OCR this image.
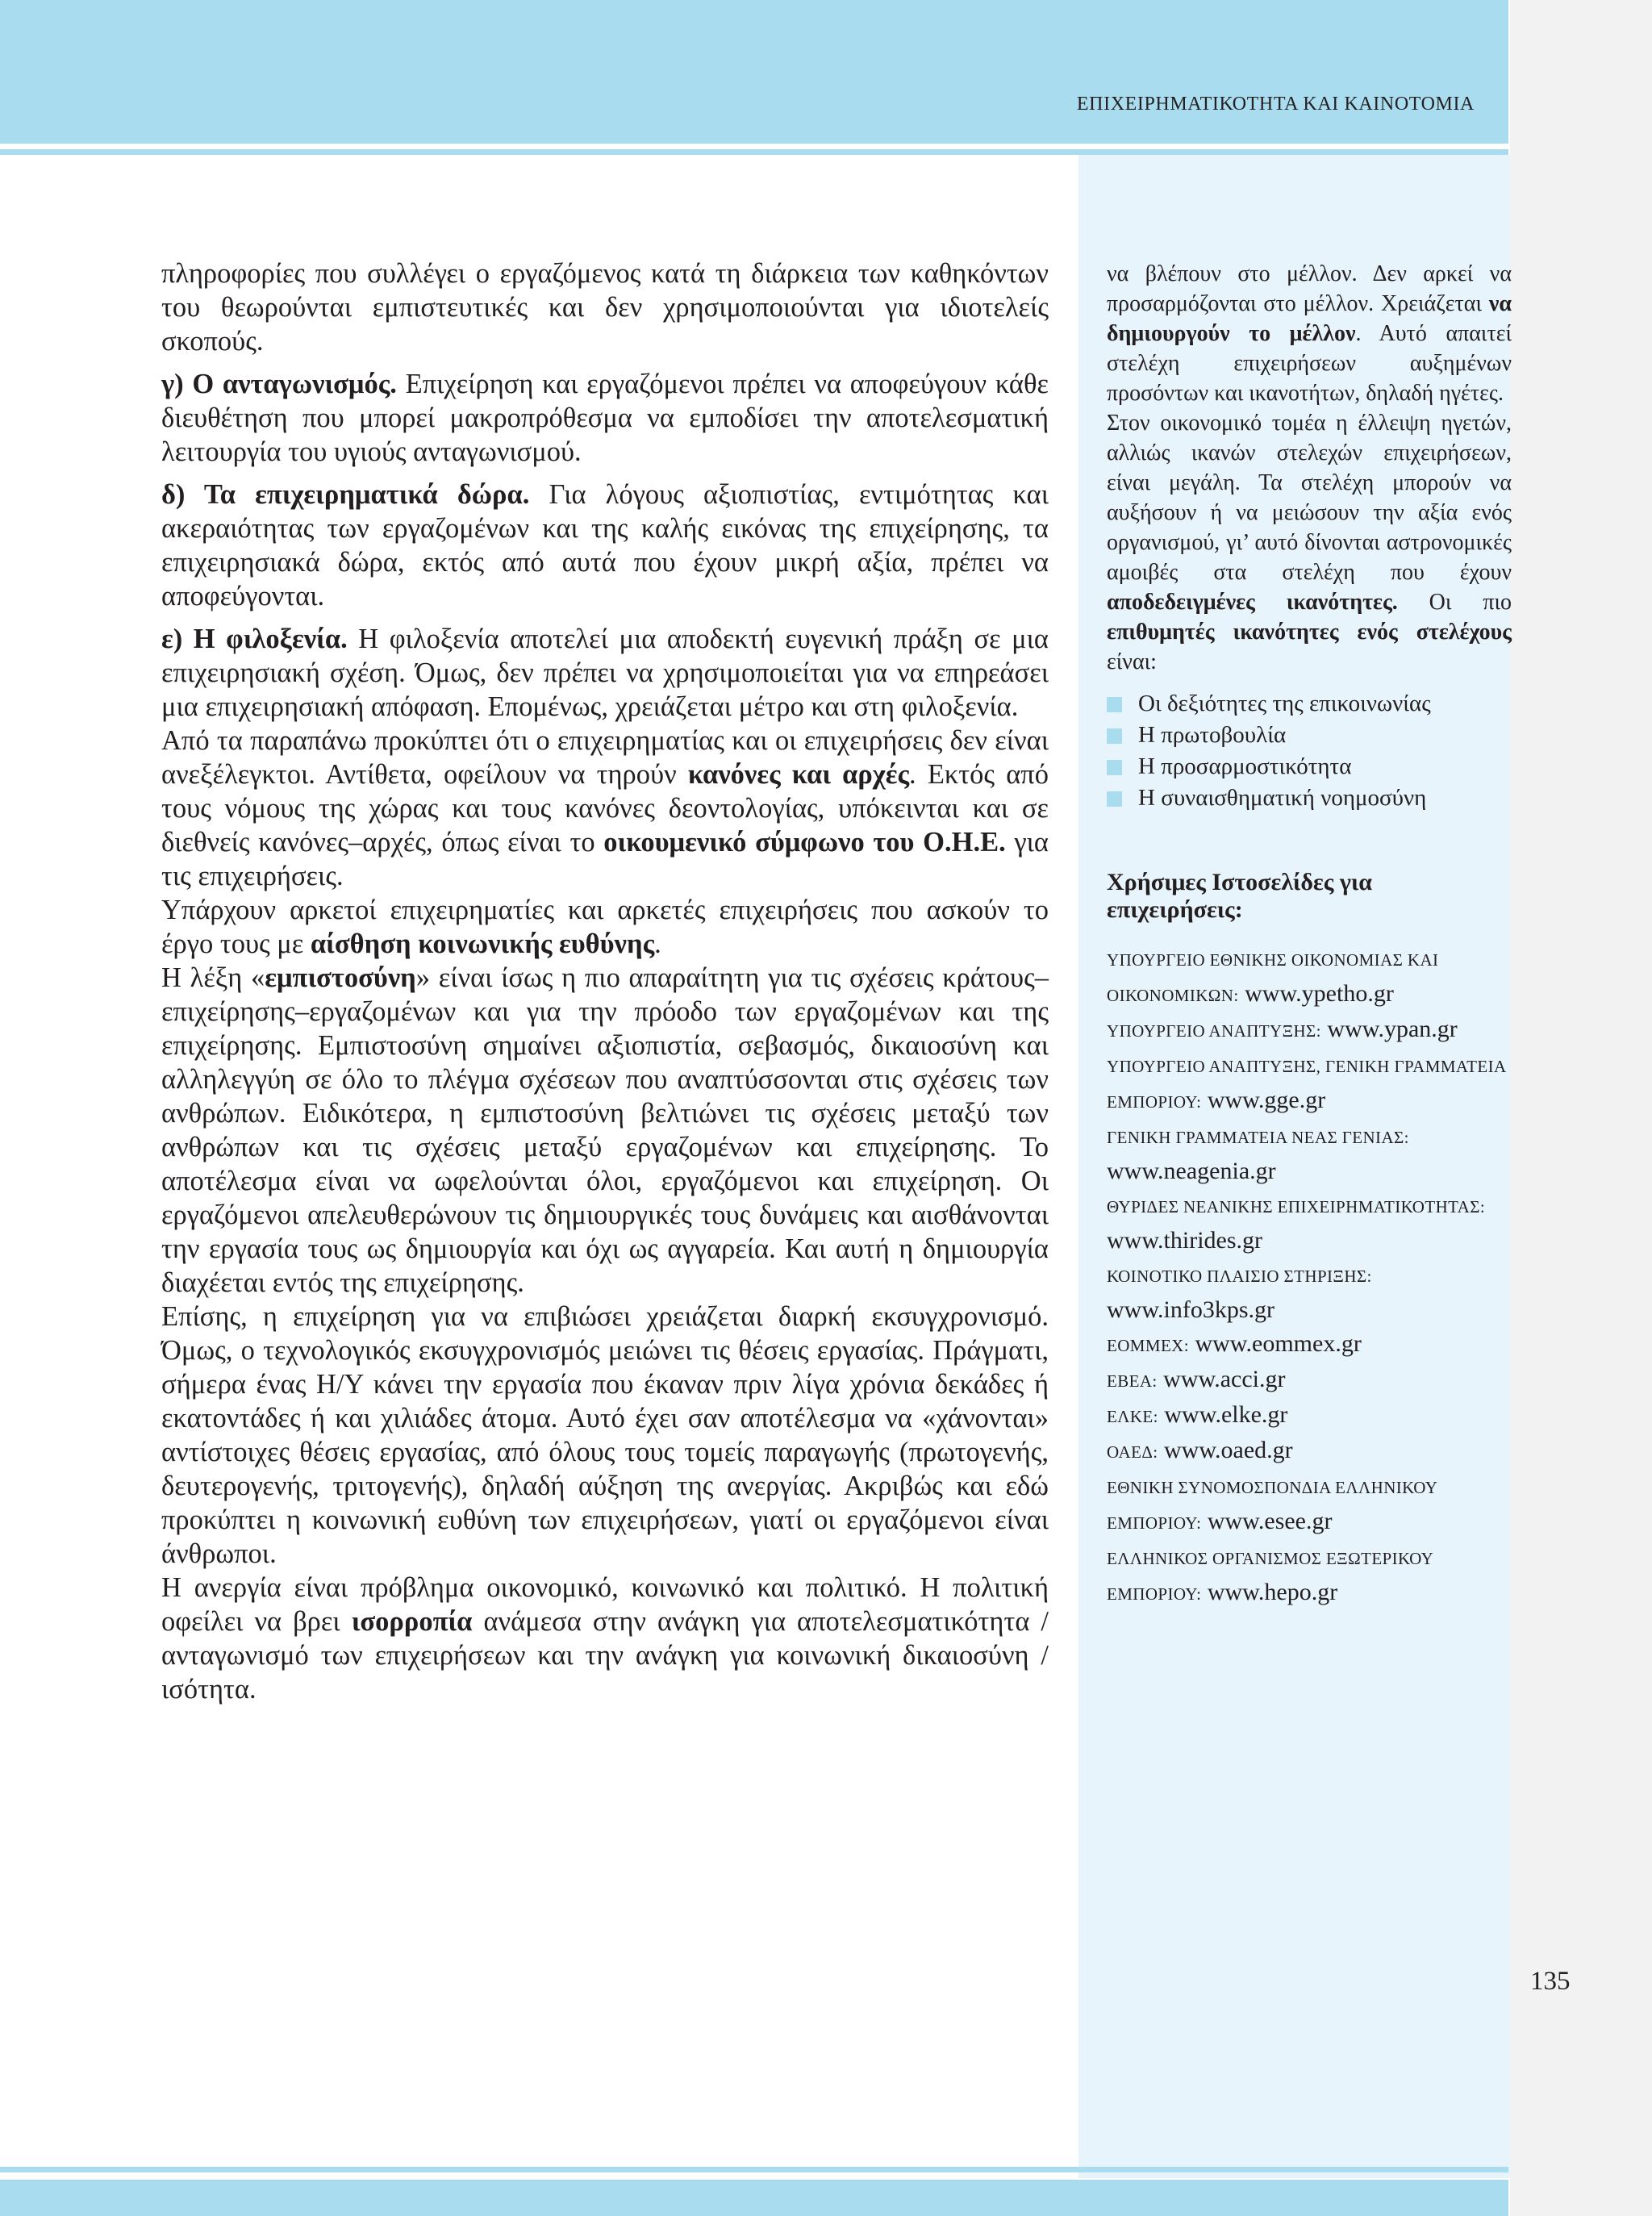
ΕΠΙΧΕΙΡΗΜΑΤΙΚΟΤΗΤΑ ΚΑΙ ΚΑΙΝΟΤΟΜΙΑ
135

πληροφορίες που συλλέγει ο εργαζόμενος κατά τη διάρκεια των καθηκόντων του θεωρούνται εμπιστευτικές και δεν χρησιμοποιούνται για ιδιοτελείς σκοπούς.

γ) Ο ανταγωνισμός. Επιχείρηση και εργαζόμενοι πρέπει να αποφεύγουν κάθε διευθέτηση που μπορεί μακροπρόθεσμα να εμποδίσει την αποτελεσματική λειτουργία του υγιούς ανταγωνισμού.

δ) Τα επιχειρηματικά δώρα. Για λόγους αξιοπιστίας, εντιμότητας και ακεραιότητας των εργαζομένων και της καλής εικόνας της επιχείρησης, τα επιχειρησιακά δώρα, εκτός από αυτά που έχουν μικρή αξία, πρέπει να αποφεύγονται.

ε) Η φιλοξενία. Η φιλοξενία αποτελεί μια αποδεκτή ευγενική πράξη σε μια επιχειρησιακή σχέση. Όμως, δεν πρέπει να χρησιμοποιείται για να επηρεάσει μια επιχειρησιακή απόφαση. Επομένως, χρειάζεται μέτρο και στη φιλοξενία.

Από τα παραπάνω προκύπτει ότι ο επιχειρηματίας και οι επιχειρήσεις δεν είναι ανεξέλεγκτοι. Αντίθετα, οφείλουν να τηρούν κανόνες και αρχές. Εκτός από τους νόμους της χώρας και τους κανόνες δεοντολογίας, υπόκεινται και σε διεθνείς κανόνες–αρχές, όπως είναι το οικουμενικό σύμφωνο του Ο.Η.Ε. για τις επιχειρήσεις.

Υπάρχουν αρκετοί επιχειρηματίες και αρκετές επιχειρήσεις που ασκούν το έργο τους με αίσθηση κοινωνικής ευθύνης.

Η λέξη «εμπιστοσύνη» είναι ίσως η πιο απαραίτητη για τις σχέσεις κράτους–επιχείρησης–εργαζομένων και για την πρόοδο των εργαζομένων και της επιχείρησης. Εμπιστοσύνη σημαίνει αξιοπιστία, σεβασμός, δικαιοσύνη και αλληλεγγύη σε όλο το πλέγμα σχέσεων που αναπτύσσονται στις σχέσεις των ανθρώπων. Ειδικότερα, η εμπιστοσύνη βελτιώνει τις σχέσεις μεταξύ των ανθρώπων και τις σχέσεις μεταξύ εργαζομένων και επιχείρησης. Το αποτέλεσμα είναι να ωφελούνται όλοι, εργαζόμενοι και επιχείρηση. Οι εργαζόμενοι απελευθερώνουν τις δημιουργικές τους δυνάμεις και αισθάνονται την εργασία τους ως δημιουργία και όχι ως αγγαρεία. Και αυτή η δημιουργία διαχέεται εντός της επιχείρησης.

Επίσης, η επιχείρηση για να επιβιώσει χρειάζεται διαρκή εκσυγχρονισμό. Όμως, ο τεχνολογικός εκσυγχρονισμός μειώνει τις θέσεις εργασίας. Πράγματι, σήμερα ένας Η/Υ κάνει την εργασία που έκαναν πριν λίγα χρόνια δεκάδες ή εκατοντάδες ή και χιλιάδες άτομα. Αυτό έχει σαν αποτέλεσμα να «χάνονται» αντίστοιχες θέσεις εργασίας, από όλους τους τομείς παραγωγής (πρωτογενής, δευτερογενής, τριτογενής), δηλαδή αύξηση της ανεργίας. Ακριβώς και εδώ προκύπτει η κοινωνική ευθύνη των επιχειρήσεων, γιατί οι εργαζόμενοι είναι άνθρωποι.

Η ανεργία είναι πρόβλημα οικονομικό, κοινωνικό και πολιτικό. Η πολιτική οφείλει να βρει ισορροπία ανάμεσα στην ανάγκη για αποτελεσματικότητα / ανταγωνισμό των επιχειρήσεων και την ανάγκη για κοινωνική δικαιοσύνη / ισότητα.

να βλέπουν στο μέλλον. Δεν αρκεί να προσαρμόζονται στο μέλλον. Χρειάζεται να δημιουργούν το μέλλον. Αυτό απαιτεί στελέχη επιχειρήσεων αυξημένων προσόντων και ικανοτήτων, δηλαδή ηγέτες.

Στον οικονομικό τομέα η έλλειψη ηγετών, αλλιώς ικανών στελεχών επιχειρήσεων, είναι μεγάλη. Τα στελέχη μπορούν να αυξήσουν ή να μειώσουν την αξία ενός οργανισμού, γι’ αυτό δίνονται αστρονομικές αμοιβές στα στελέχη που έχουν αποδεδειγμένες ικανότητες. Οι πιο επιθυμητές ικανότητες ενός στελέχους είναι:

Οι δεξιότητες της επικοινωνίας
Η πρωτοβουλία
Η προσαρμοστικότητα
Η συναισθηματική νοημοσύνη

Χρήσιμες Ιστοσελίδες για επιχειρήσεις:

ΥΠΟΥΡΓΕΙΟ ΕΘΝΙΚΗΣ ΟΙΚΟΝΟΜΙΑΣ ΚΑΙ ΟΙΚΟΝΟΜΙΚΩΝ: www.ypetho.gr

ΥΠΟΥΡΓΕΙΟ ΑΝΑΠΤΥΞΗΣ: www.ypan.gr

ΥΠΟΥΡΓΕΙΟ ΑΝΑΠΤΥΞΗΣ, ΓΕΝΙΚΗ ΓΡΑΜΜΑΤΕΙΑ ΕΜΠΟΡΙΟΥ: www.gge.gr

ΓΕΝΙΚΗ ΓΡΑΜΜΑΤΕΙΑ ΝΕΑΣ ΓΕΝΙΑΣ: www.neagenia.gr

ΘΥΡΙΔΕΣ ΝΕΑΝΙΚΗΣ ΕΠΙΧΕΙΡΗΜΑΤΙΚΟΤΗΤΑΣ: www.thirides.gr

ΚΟΙΝΟΤΙΚΟ ΠΛΑΙΣΙΟ ΣΤΗΡΙΞΗΣ: www.info3kps.gr

ΕΟΜΜΕΧ: www.eommex.gr

ΕΒΕΑ: www.acci.gr

ΕΛΚΕ: www.elke.gr

ΟΑΕΔ: www.oaed.gr

ΕΘΝΙΚΗ ΣΥΝΟΜΟΣΠΟΝΔΙΑ ΕΛΛΗΝΙΚΟΥ ΕΜΠΟΡΙΟΥ: www.esee.gr

ΕΛΛΗΝΙΚΟΣ ΟΡΓΑΝΙΣΜΟΣ ΕΞΩΤΕΡΙΚΟΥ ΕΜΠΟΡΙΟΥ: www.hepo.gr
